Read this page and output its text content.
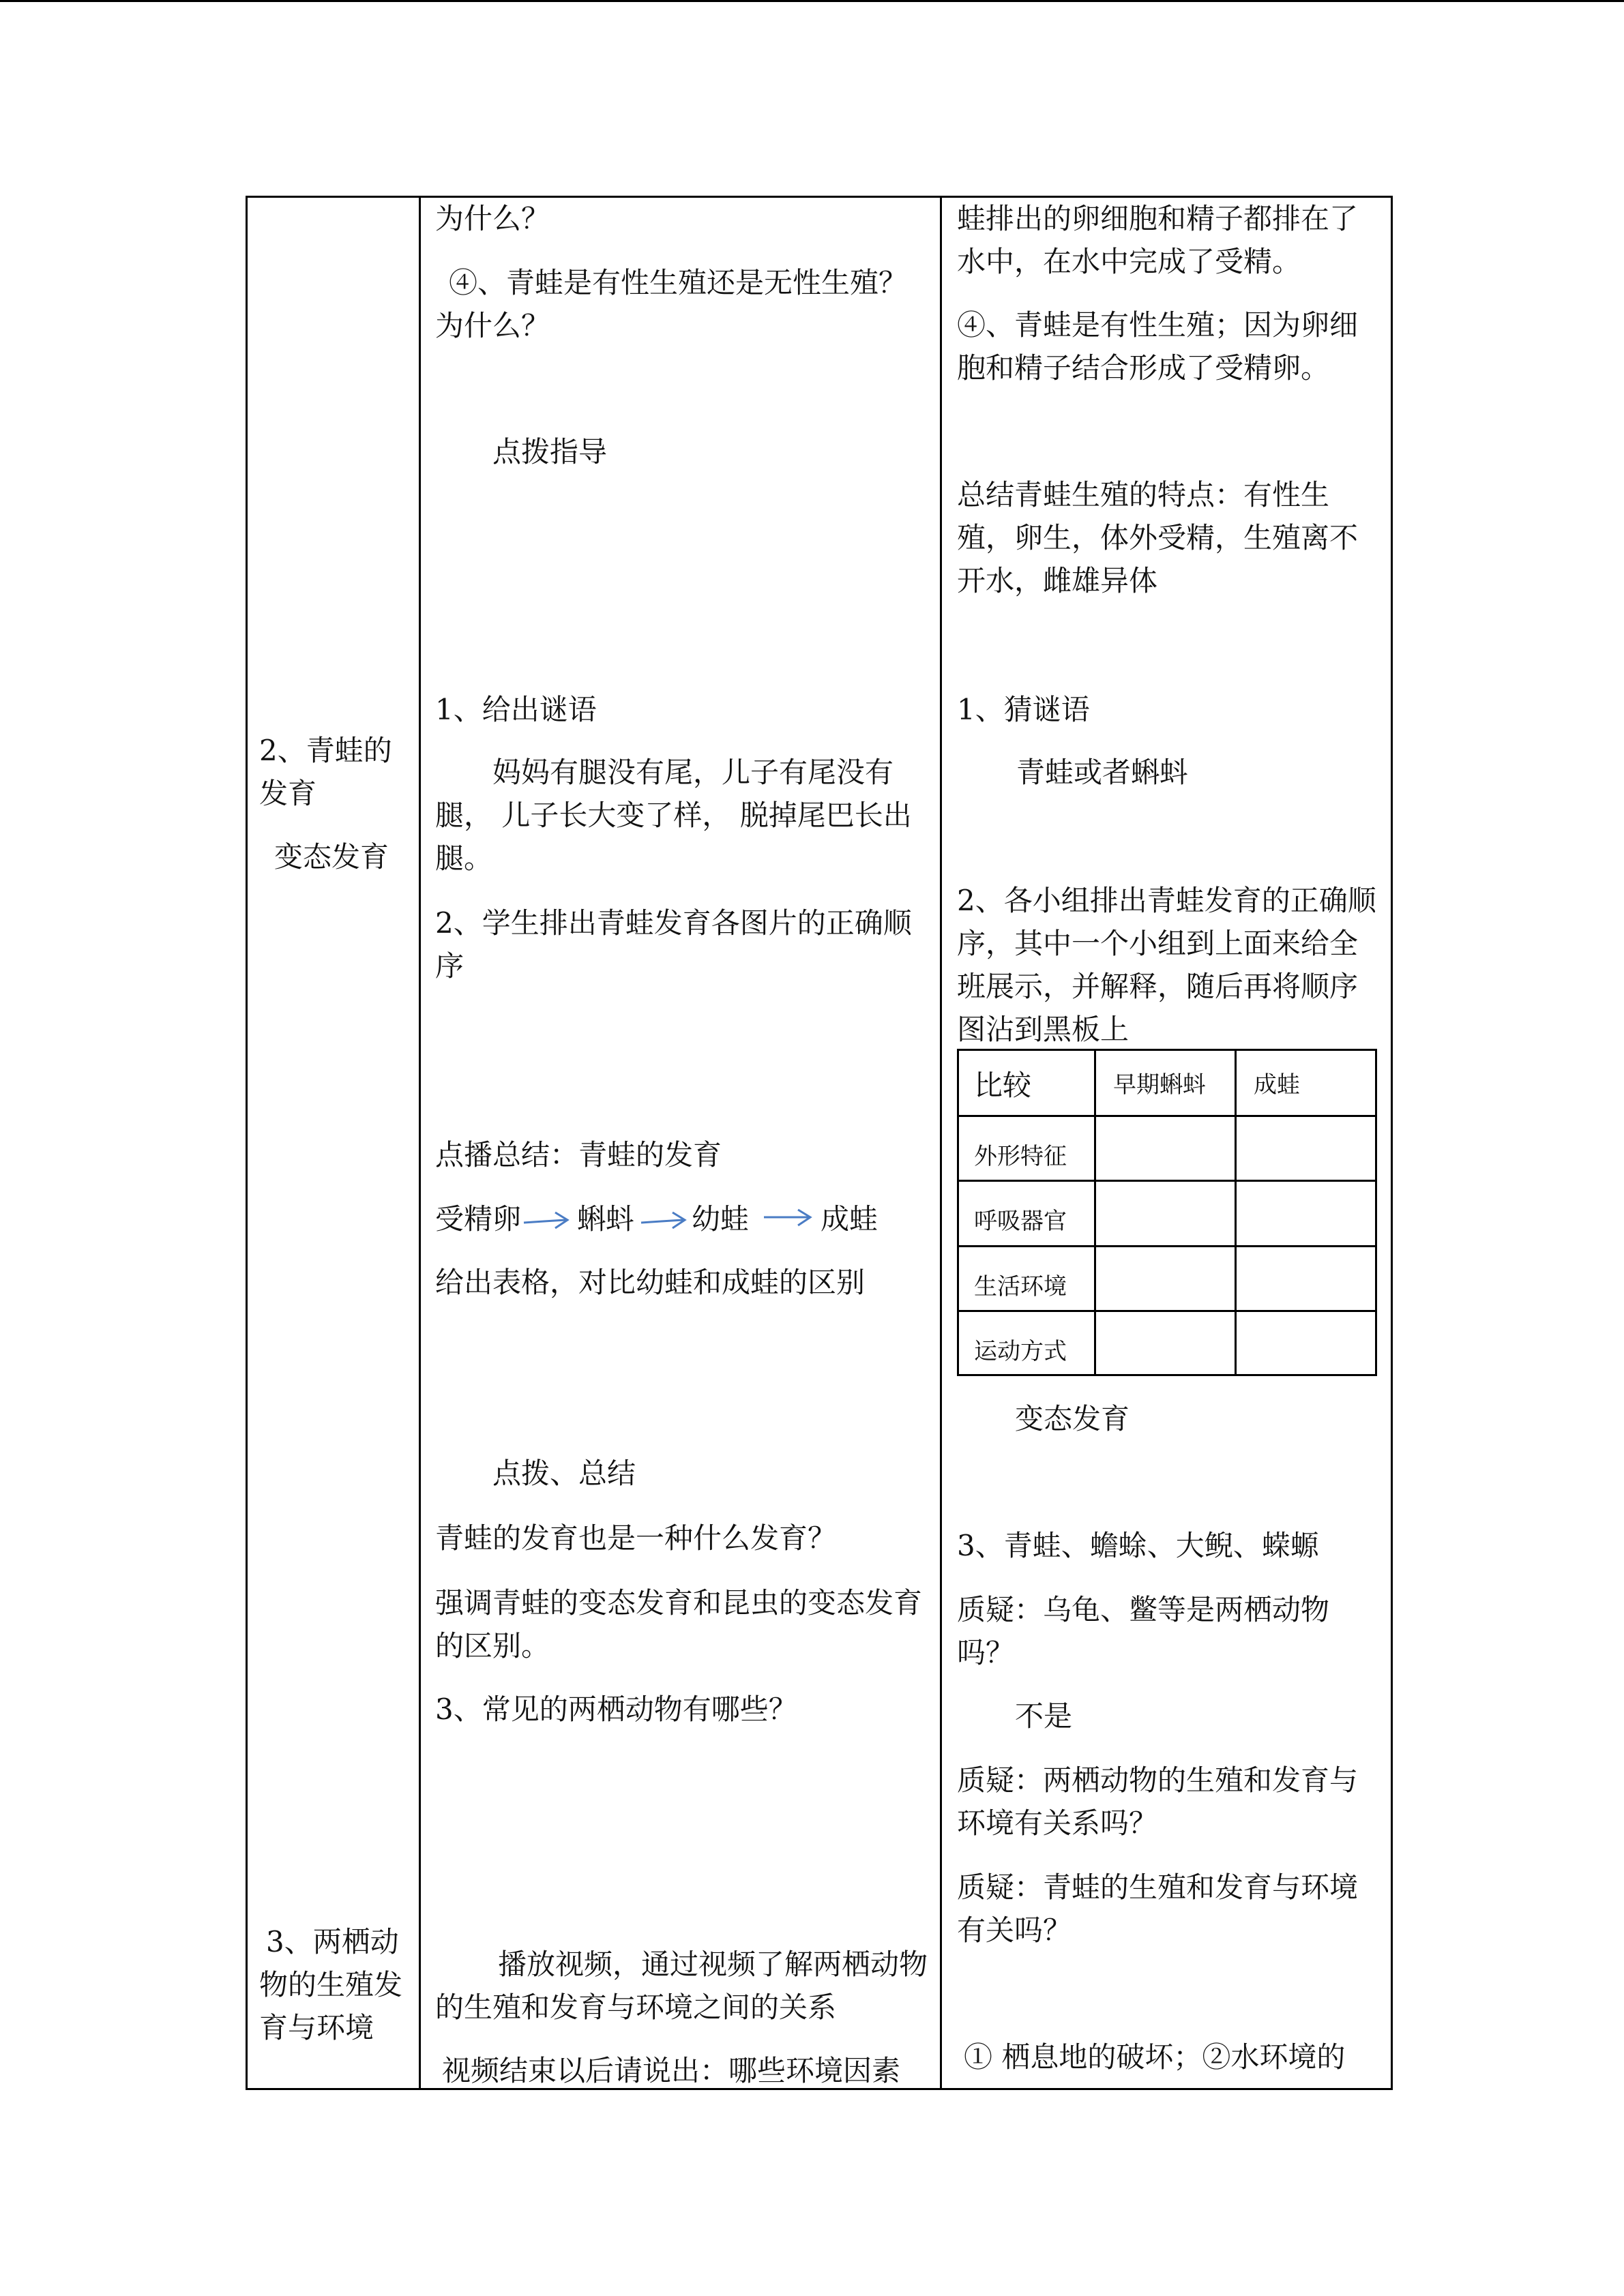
2、青蛙的
发育
变态发育
3、两栖动
物的生殖发
育与环境
为什么？
④、青蛙是有性生殖还是无性生殖？
为什么？
点拨指导
1、给出谜语
妈妈有腿没有尾，儿子有尾没有
腿， 儿子长大变了样， 脱掉尾巴长出
腿。
2、学生排出青蛙发育各图片的正确顺
序
点播总结：青蛙的发育
受精卵 蝌蚪 幼蛙 成蛙
给出表格，对比幼蛙和成蛙的区别
点拨、总结
青蛙的发育也是一种什么发育？
强调青蛙的变态发育和昆虫的变态发育
的区别。
3、常见的两栖动物有哪些？
播放视频，通过视频了解两栖动物
的生殖和发育与环境之间的关系
视频结束以后请说出：哪些环境因素
蛙排出的卵细胞和精子都排在了
水中，在水中完成了受精。
④、青蛙是有性生殖；因为卵细
胞和精子结合形成了受精卵。
总结青蛙生殖的特点：有性生
殖，卵生，体外受精，生殖离不
开水，雌雄异体
1、猜谜语
青蛙或者蝌蚪
2、各小组排出青蛙发育的正确顺
序，其中一个小组到上面来给全
班展示，并解释，随后再将顺序
图沾到黑板上
比较	早期蝌蚪 成蛙
外形特征
呼吸器官
生活环境
运动方式
变态发育
3、青蛙、蟾蜍、大鲵、蝾螈
质疑：乌龟、鳖等是两栖动物
吗？
不是
质疑：两栖动物的生殖和发育与
环境有关系吗？
质疑：青蛙的生殖和发育与环境
有关吗？
① 栖息地的破坏；②水环境的
